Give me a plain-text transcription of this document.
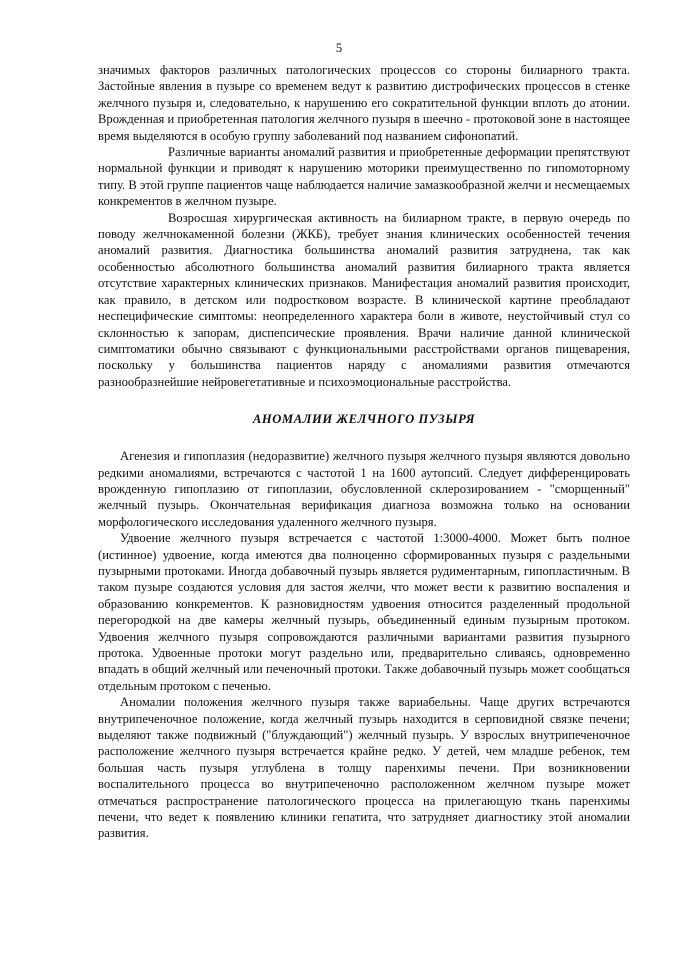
5

значимых факторов различных патологических процессов со стороны билиарного тракта. Застойные явления в пузыре со временем ведут к развитию дистрофических процессов в стенке желчного пузыря и, следовательно, к нарушению его сократительной функции вплоть до атонии. Врожденная и приобретенная патология желчного пузыря в шеечно - протоковой зоне в настоящее время выделяются в особую группу заболеваний под названием сифонопатий.

Различные варианты аномалий развития и приобретенные деформации препятствуют нормальной функции и приводят к нарушению моторики преимущественно по гипомоторному типу. В этой группе пациентов чаще наблюдается наличие замазкообразной желчи и несмещаемых конкрементов в желчном пузыре.

Возросшая хирургическая активность на билиарном тракте, в первую очередь по поводу желчнокаменной болезни (ЖКБ), требует знания клинических особенностей течения аномалий развития. Диагностика большинства аномалий развития затруднена, так как особенностью абсолютного большинства аномалий развития билиарного тракта является отсутствие характерных клинических признаков. Манифестация аномалий развития происходит, как правило, в детском или подростковом возрасте. В клинической картине преобладают неспецифические симптомы: неопределенного характера боли в животе, неустойчивый стул со склонностью к запорам, диспепсические проявления. Врачи наличие данной клинической симптоматики обычно связывают с функциональными расстройствами органов пищеварения, поскольку у большинства пациентов наряду с аномалиями развития отмечаются разнообразнейшие нейровегетативные и психоэмоциональные расстройства.

АНОМАЛИИ ЖЕЛЧНОГО ПУЗЫРЯ

Агенезия и гипоплазия (недоразвитие) желчного пузыря желчного пузыря являются довольно редкими аномалиями, встречаются с частотой 1 на 1600 аутопсий. Следует дифференцировать врожденную гипоплазию от гипоплазии, обусловленной склерозированием - "сморщенный" желчный пузырь. Окончательная верификация диагноза возможна только на основании морфологического исследования удаленного желчного пузыря.

Удвоение желчного пузыря встречается с частотой 1:3000-4000. Может быть полное (истинное) удвоение, когда имеются два полноценно сформированных пузыря с раздельными пузырными протоками. Иногда добавочный пузырь является рудиментарным, гипопластичным. В таком пузыре создаются условия для застоя желчи, что может вести к развитию воспаления и образованию конкрементов. К разновидностям удвоения относится разделенный продольной перегородкой на две камеры желчный пузырь, объединенный единым пузырным протоком. Удвоения желчного пузыря сопровождаются различными вариантами развития пузырного протока. Удвоенные протоки могут раздельно или, предварительно сливаясь, одновременно впадать в общий желчный или печеночный протоки. Также добавочный пузырь может сообщаться отдельным протоком с печенью.

Аномалии положения желчного пузыря также вариабельны. Чаще других встречаются внутрипеченочное положение, когда желчный пузырь находится в серповидной связке печени; выделяют также подвижный ("блуждающий") желчный пузырь. У взрослых внутрипеченочное расположение желчного пузыря встречается крайне редко. У детей, чем младше ребенок, тем большая часть пузыря углублена в толщу паренхимы печени. При возникновении воспалительного процесса во внутрипеченочно расположенном желчном пузыре может отмечаться распространение патологического процесса на прилегающую ткань паренхимы печени, что ведет к появлению клиники гепатита, что затрудняет диагностику этой аномалии развития.
